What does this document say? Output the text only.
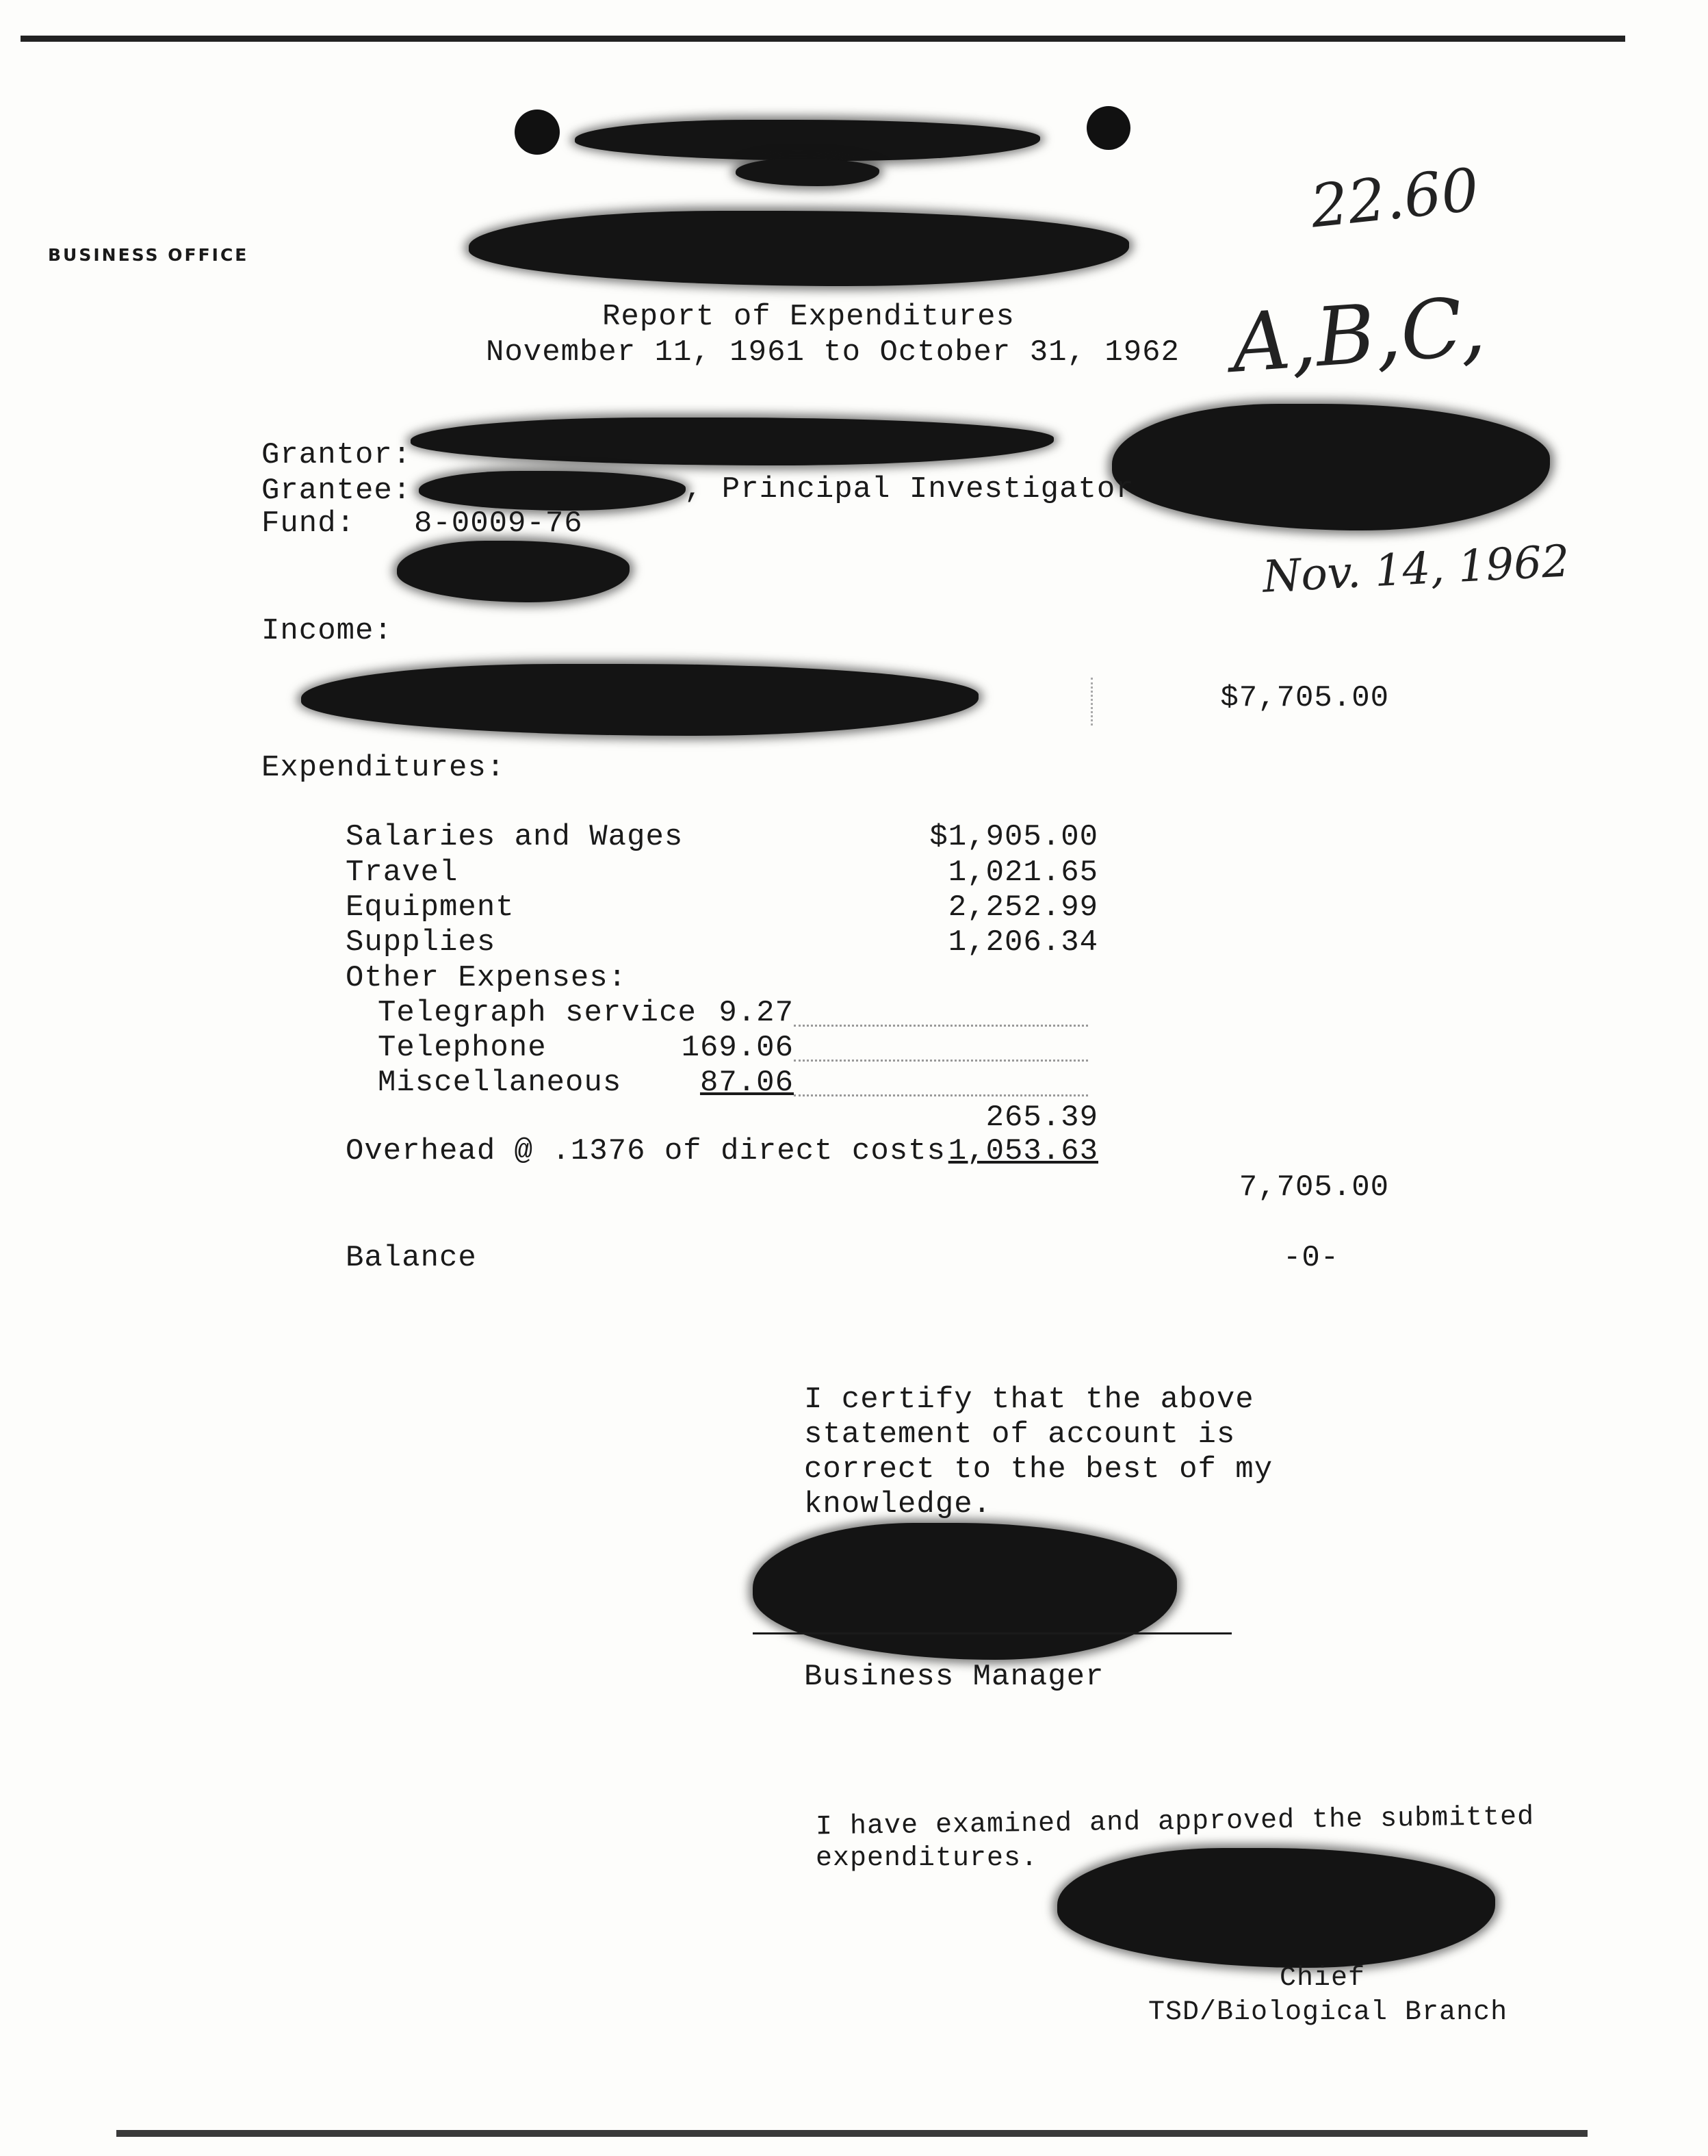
BUSINESS OFFICE
22.60
A,B,C,
Nov. 14, 1962
Report of Expenditures
November 11, 1961 to October 31, 1962
Grantor:
Grantee:	, Principal Investigator
Fund: 8-0009-76
Income:
$7,705.00
Expenditures:
Salaries and Wages	$1,905.00
Travel	1,021.65
Equipment	2,252.99
Supplies	1,206.34
Other Expenses:
Telegraph service 9.27
Telephone	169.06
Miscellaneous	87.06
265.39
Overhead @ .1376 of direct costs 1,053.63
7,705.00
Balance	-0-
I certify that the above
statement of account is
correct to the best of my
knowledge.
Business Manager
I have examined and approved the submitted
expenditures.
Chief
TSD/Biological Branch
